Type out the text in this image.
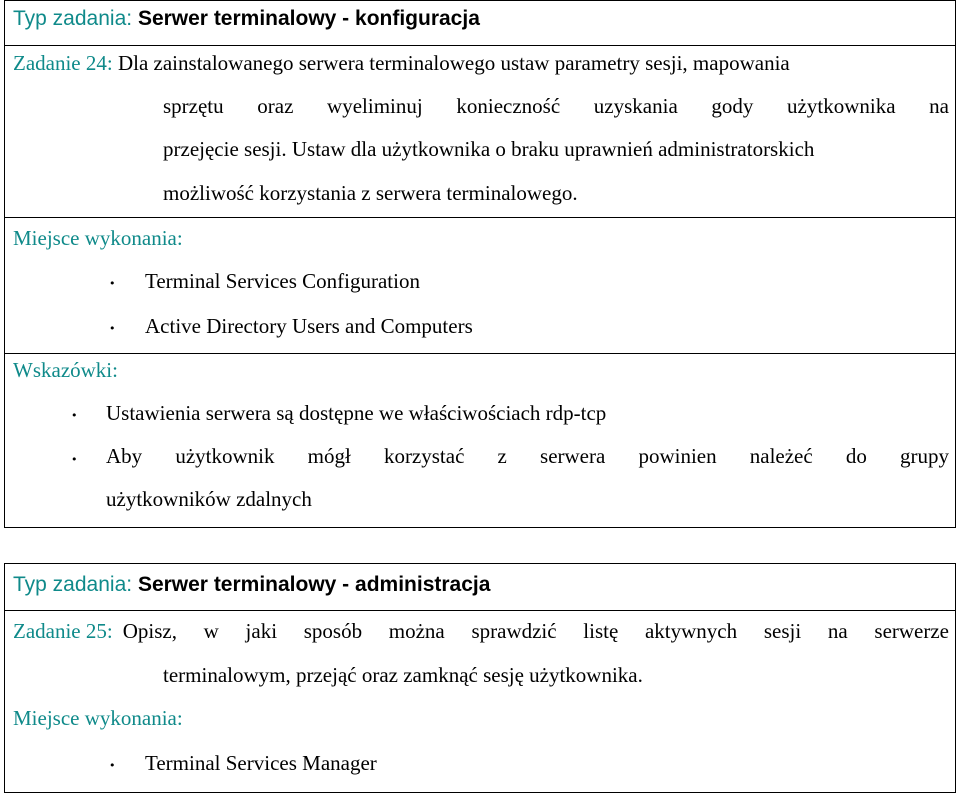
Typ zadania: Serwer terminalowy - konfiguracja
Zadanie 24: Dla zainstalowanego serwera terminalowego ustaw parametry sesji, mapowania
sprzętu oraz wyeliminuj konieczność uzyskania gody użytkownika na
przejęcie sesji. Ustaw dla użytkownika o braku uprawnień administratorskich
możliwość korzystania z serwera terminalowego.
Miejsce wykonania:
• Terminal Services Configuration
• Active Directory Users and Computers
Wskazówki:
• Ustawienia serwera są dostępne we właściwościach rdp-tcp
• Aby użytkownik mógł korzystać z serwera powinien należeć do grupy
użytkowników zdalnych
Typ zadania: Serwer terminalowy - administracja
Zadanie 25: Opisz, w jaki sposób można sprawdzić listę aktywnych sesji na serwerze
terminalowym, przejąć oraz zamknąć sesję użytkownika.
Miejsce wykonania:
• Terminal Services Manager
